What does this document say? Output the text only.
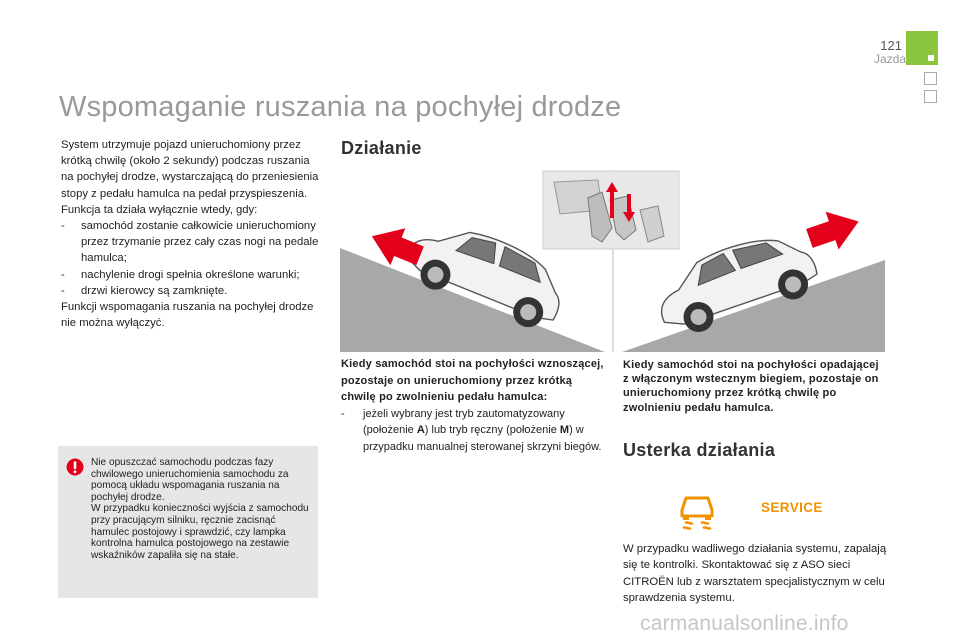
121
Jazda
Wspomaganie ruszania na pochyłej drodze

System utrzymuje pojazd unieruchomiony przez krótką chwilę (około 2 sekundy) podczas ruszania na pochyłej drodze, wystarczającą do przeniesienia stopy z pedału hamulca na pedał przyspieszenia.

Funkcja ta działa wyłącznie wtedy, gdy:

- samochód zostanie całkowicie unieruchomiony przez trzymanie przez cały czas nogi na pedale hamulca;
- nachylenie drogi spełnia określone warunki;
- drzwi kierowcy są zamknięte.

Funkcji wspomagania ruszania na pochyłej drodze nie można wyłączyć.

Nie opuszczać samochodu podczas fazy chwilowego unieruchomienia samochodu za pomocą układu wspomagania ruszania na pochyłej drodze.

W przypadku konieczności wyjścia z samochodu przy pracującym silniku, ręcznie zacisnąć hamulec postojowy i sprawdzić, czy lampka kontrolna hamulca postojowego na zestawie wskaźników zapaliła się na stałe.

Działanie
Kiedy samochód stoi na pochyłości wznoszącej, pozostaje on unieruchomiony przez krótką chwilę po zwolnieniu pedału hamulca:
- jeżeli wybrany jest tryb zautomatyzowany (położenie A) lub tryb ręczny (położenie M) w przypadku manualnej sterowanej skrzyni biegów.
Kiedy samochód stoi na pochyłości opadającej z włączonym wstecznym biegiem, pozostaje on unieruchomiony przez krótką chwilę po zwolnieniu pedału hamulca.
Usterka działania
SERVICE
W przypadku wadliwego działania systemu, zapalają się te kontrolki. Skontaktować się z ASO sieci CITROËN lub z warsztatem specjalistycznym w celu sprawdzenia systemu.
carmanualsonline.info
